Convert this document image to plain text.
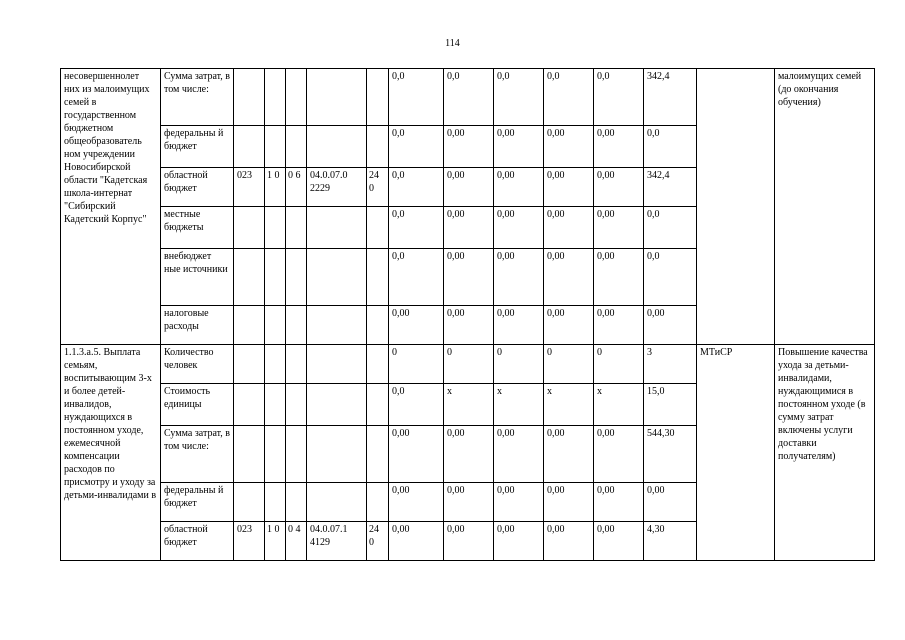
114
несовершеннолет них из малоимущих семей в государственном бюджетном общеобразователь ном учреждении Новосибирской области "Кадетская школа-интернат "Сибирский Кадетский Корпус"	Сумма затрат, в том числе:						0,0	0,0	0,0	0,0	0,0	342,4		малоимущих семей (до окончания обучения)
	федеральны й бюджет						0,0	0,00	0,00	0,00	0,00	0,0		
	областной бюджет	023	1 0	0 6	04.0.07.0 2229	24 0	0,0	0,00	0,00	0,00	0,00	342,4		
	местные бюджеты						0,0	0,00	0,00	0,00	0,00	0,0		
	внебюджет ные источники						0,0	0,00	0,00	0,00	0,00	0,0		
	налоговые расходы						0,00	0,00	0,00	0,00	0,00	0,00		
1.1.3.а.5. Выплата семьям, воспитывающим 3-х и более детей-инвалидов, нуждающихся в постоянном уходе, ежемесячной компенсации расходов по присмотру и уходу за детьми-инвалидами в	Количество человек						0	0	0	0	0	3	МТиСР	Повышение качества ухода за детьми-инвалидами, нуждающимися в постоянном уходе (в сумму затрат включены услуги доставки получателям)
	Стоимость единицы						0,0	х	х	х	х	15,0		
	Сумма затрат, в том числе:						0,00	0,00	0,00	0,00	0,00	544,30		
	федеральны й бюджет						0,00	0,00	0,00	0,00	0,00	0,00		
	областной бюджет	023	1 0	0 4	04.0.07.1 4129	24 0	0,00	0,00	0,00	0,00	0,00	4,30		
